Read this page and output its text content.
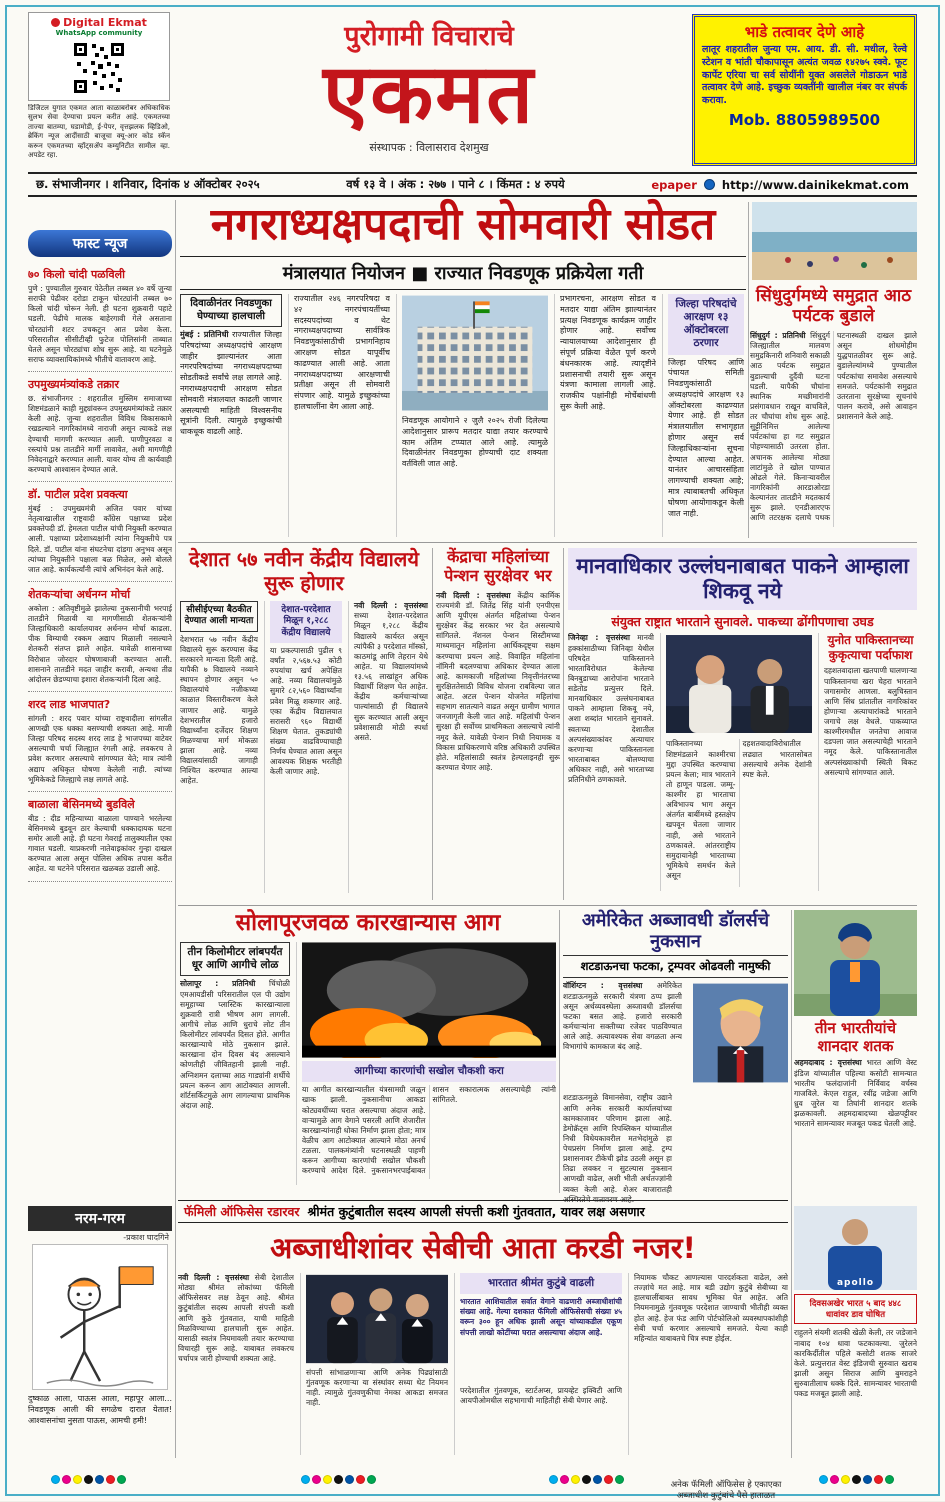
Digital Ekmat
WhatsApp community
डिजिटल युगात एकमत आता काळाबरोबर अधिकाधिक सुलभ सेवा देण्याचा प्रयत्न करीत आहे. एकमतच्या ताज्या बातम्या, घडामोडी, ई-पेपर, वृत्तझलक व्हिडिओ, ब्रेकिंग न्यूज आदींसाठी बाजूचा क्यू-आर कोड स्कॅन करून एकमतच्या व्हॉट्सॲप कम्युनिटीत सामील व्हा. अपडेट रहा.
पुरोगामी विचाराचे
एकमत
संस्थापक : विलासराव देशमुख
भाडे तत्वावर देणे आहे
लातूर शहरातील जुन्या एम. आय. डी. सी. मधील, रेल्वे स्टेशन व भांती चौकापासून अत्यंत जवळ १४२७५ स्क्वे. फूट कार्पेट एरिया चा सर्व सोयींनी युक्त असलेले गोडाऊन भाडे तत्वावर देणे आहे. इच्छुक व्यक्तींनी खालील नंबर वर संपर्क करावा.
Mob. 8805989500
छ. संभाजीनगर । शनिवार, दिनांक ४ ऑक्टोबर २०२५	वर्ष १३ वे । अंक : २७७ । पाने ८ । किंमत : ४ रुपये	epaper http://www.dainikekmat.com
नगराध्यक्षपदाची सोमवारी सोडत
मंत्रालयात नियोजन ■ राज्यात निवडणूक प्रक्रियेला गती
दिवाळीनंतर निवडणुका घेण्याच्या हालचाली
मुंबई : प्रतिनिधी राज्यातील जिल्हा परिषदांच्या अध्यक्षपदांचे आरक्षण जाहीर झाल्यानंतर आता नगरपरिषदांच्या नगराध्यक्षपदाच्या सोडतीकडे सर्वांचे लक्ष लागले आहे. नगराध्यक्षपदाची आरक्षण सोडत सोमवारी मंत्रालयात काढली जाणार असल्याची माहिती विश्वसनीय सूत्रांनी दिली. त्यामुळे इच्छुकांची धाकधूक वाढली आहे.
राज्यातील २४६ नगरपरिषदा व ४२ नगरपंचायतींच्या सदस्यपदांच्या व थेट नगराध्यक्षपदाच्या सार्वत्रिक निवडणुकांसाठीची प्रभागनिहाय आरक्षण सोडत यापूर्वीच काढण्यात आली आहे. आता नगराध्यक्षपदाच्या आरक्षणाची प्रतीक्षा असून ती सोमवारी संपणार आहे. यामुळे इच्छुकांच्या हालचालींना वेग आला आहे.
निवडणूक आयोगाने २ जुलै २०२५ रोजी दिलेल्या आदेशानुसार प्रारूप मतदार याद्या तयार करण्याचे काम अंतिम टप्प्यात आले आहे. त्यामुळे दिवाळीनंतर निवडणुका होण्याची दाट शक्यता वर्तविली जात आहे.
प्रभागरचना, आरक्षण सोडत व मतदार याद्या अंतिम झाल्यानंतर प्रत्यक्ष निवडणूक कार्यक्रम जाहीर होणार आहे. सर्वोच्च न्यायालयाच्या आदेशानुसार ही संपूर्ण प्रक्रिया वेळेत पूर्ण करणे बंधनकारक आहे. त्यादृष्टीने प्रशासनाची तयारी सुरू असून यंत्रणा कामाला लागली आहे. राजकीय पक्षांनीही मोर्चेबांधणी सुरू केली आहे.
जिल्हा परिषदांचे आरक्षण १३ ऑक्टोबरला ठरणार
जिल्हा परिषद आणि पंचायत समिती निवडणुकांसाठी अध्यक्षपदांचे आरक्षण १३ ऑक्टोबरला काढण्यात येणार आहे. ही सोडत मंत्रालयातील सभागृहात होणार असून सर्व जिल्हाधिकाऱ्यांना सूचना देण्यात आल्या आहेत. यानंतर आचारसंहिता लागण्याची शक्यता आहे; मात्र त्याबाबतची अधिकृत घोषणा आयोगाकडून केली जात नाही.
सिंधुदुर्गमध्ये समुद्रात आठ पर्यटक बुडाले
सिंधुदुर्ग : प्रतिनिधी सिंधुदुर्ग जिल्ह्यातील मालवण समुद्रकिनारी शनिवारी सकाळी आठ पर्यटक समुद्रात बुडाल्याची दुर्दैवी घटना घडली. यापैकी चौघांना स्थानिक मच्छीमारांनी प्रसंगावधान राखून वाचविले, तर चौघांचा शोध सुरू आहे. सुट्टीनिमित्त आलेल्या पर्यटकांचा हा गट समुद्रात पोहण्यासाठी उतरला होता. अचानक आलेल्या मोठ्या लाटांमुळे ते खोल पाण्यात ओढले गेले. किनाऱ्यावरील नागरिकांनी आरडाओरडा केल्यानंतर तातडीने मदतकार्य सुरू झाले. एनडीआरएफ आणि तटरक्षक दलाचे पथक घटनास्थळी दाखल झाले असून शोधमोहीम युद्धपातळीवर सुरू आहे. बुडालेल्यांमध्ये पुण्यातील पर्यटकांचा समावेश असल्याचे समजते. पर्यटकांनी समुद्रात उतरताना सुरक्षेच्या सूचनांचे पालन करावे, असे आवाहन प्रशासनाने केले आहे.
फास्ट न्यूज
७० किलो चांदी पळविली
पुणे : पुण्यातील गुरुवार पेठेतील तब्बल ४० वर्षे जुन्या सराफी पेढीवर दरोडा टाकून चोरट्यांनी तब्बल ७० किलो चांदी चोरून नेली. ही घटना शुक्रवारी पहाटे घडली. पेढीचे मालक बाहेरगावी गेले असताना चोरट्यांनी शटर उचकटून आत प्रवेश केला. परिसरातील सीसीटीव्ही फुटेज पोलिसांनी ताब्यात घेतले असून चोरट्यांचा शोध सुरू आहे. या घटनेमुळे सराफ व्यावसायिकांमध्ये भीतीचे वातावरण आहे.
उपमुख्यमंत्र्यांकडे तक्रार
छ. संभाजीनगर : शहरातील मुस्लिम समाजाच्या शिष्टमंडळाने काही मुद्द्यांवरून उपमुख्यमंत्र्यांकडे तक्रार केली आहे. जुन्या शहरातील विविध विकासकामे रखडल्याने नागरिकांमध्ये नाराजी असून त्याकडे लक्ष देण्याची मागणी करण्यात आली. पाणीपुरवठा व रस्त्यांचे प्रश्न तातडीने मार्गी लावावेत, अशी मागणीही निवेदनाद्वारे करण्यात आली. यावर योग्य ती कार्यवाही करण्याचे आश्वासन देण्यात आले.
डॉ. पाटील प्रदेश प्रवक्त्या
मुंबई : उपमुख्यमंत्री अजित पवार यांच्या नेतृत्वाखालील राष्ट्रवादी काँग्रेस पक्षाच्या प्रदेश प्रवक्तेपदी डॉ. हेमलता पाटील यांची नियुक्ती करण्यात आली. पक्षाच्या प्रदेशाध्यक्षांनी त्यांना नियुक्तीचे पत्र दिले. डॉ. पाटील यांना संघटनेचा दांडगा अनुभव असून त्यांच्या नियुक्तीने पक्षाला बळ मिळेल, असे बोलले जात आहे. कार्यकर्त्यांनी त्यांचे अभिनंदन केले आहे.
शेतकऱ्यांचा अर्धनग्न मोर्चा
अकोला : अतिवृष्टीमुळे झालेल्या नुकसानीची भरपाई तातडीने मिळावी या मागणीसाठी शेतकऱ्यांनी जिल्हाधिकारी कार्यालयावर अर्धनग्न मोर्चा काढला. पीक विम्याची रक्कम अद्याप मिळाली नसल्याने शेतकरी संतप्त झाले आहेत. यावेळी शासनाच्या विरोधात जोरदार घोषणाबाजी करण्यात आली. शासनाने तातडीने मदत जाहीर करावी, अन्यथा तीव्र आंदोलन छेडण्याचा इशारा शेतकऱ्यांनी दिला आहे.
शरद लाड भाजपात?
सांगली : शरद पवार यांच्या राष्ट्रवादीला सांगलीत आणखी एक धक्का बसण्याची शक्यता आहे. माजी जिल्हा परिषद सदस्य शरद लाड हे भाजपच्या वाटेवर असल्याची चर्चा जिल्ह्यात रंगली आहे. लवकरच ते प्रवेश करणार असल्याचे सांगण्यात येते; मात्र त्यांनी अद्याप अधिकृत घोषणा केलेली नाही. त्यांच्या भूमिकेकडे जिल्ह्याचे लक्ष लागले आहे.
बाळाला बेसिनमध्ये बुडविले
बीड : दीड महिन्याच्या बाळाला पाण्याने भरलेल्या बेसिनमध्ये बुडवून ठार केल्याची धक्कादायक घटना समोर आली आहे. ही घटना गेवराई तालुक्यातील एका गावात घडली. याप्रकरणी नातेवाइकांवर गुन्हा दाखल करण्यात आला असून पोलिस अधिक तपास करीत आहेत. या घटनेने परिसरात खळबळ उडाली आहे.
देशात ५७ नवीन केंद्रीय विद्यालये सुरू होणार
सीसीईएच्या बैठकीत देण्यात आली मान्यता
देशभरात ५७ नवीन केंद्रीय विद्यालये सुरू करण्यास केंद्र सरकारने मान्यता दिली आहे. यापैकी ७ विद्यालये नव्याने स्थापन होणार असून ५० विद्यालयांचे नजीकच्या काळात विस्तारीकरण केले जाणार आहे. यामुळे देशभरातील हजारो विद्यार्थ्यांना दर्जेदार शिक्षण मिळण्याचा मार्ग मोकळा झाला आहे. नव्या विद्यालयांसाठी जागाही निश्चित करण्यात आल्या आहेत.
देशात-परदेशात मिळून १,२८८ केंद्रीय विद्यालये
या प्रकल्पासाठी पुढील ९ वर्षांत २,५६७.५३ कोटी रुपयांचा खर्च अपेक्षित आहे. नव्या विद्यालयांमुळे सुमारे ८२,५६० विद्यार्थ्यांना प्रवेश मिळू शकणार आहे. एका केंद्रीय विद्यालयात सरासरी ९६० विद्यार्थी शिक्षण घेतात. तुकड्यांची संख्या वाढविण्याचाही निर्णय घेण्यात आला असून आवश्यक शिक्षक भरतीही केली जाणार आहे.
नवी दिल्ली : वृत्तसंस्था सध्या देशात-परदेशात मिळून १,२८८ केंद्रीय विद्यालये कार्यरत असून त्यांपैकी ३ परदेशात मॉस्को, काठमांडू आणि तेहरान येथे आहेत. या विद्यालयांमध्ये १३.५६ लाखांहून अधिक विद्यार्थी शिक्षण घेत आहेत. केंद्रीय कर्मचाऱ्यांच्या पाल्यांसाठी ही विद्यालये सुरू करण्यात आली असून प्रवेशासाठी मोठी स्पर्धा असते.
केंद्राचा महिलांच्या पेन्शन सुरक्षेवर भर
नवी दिल्ली : वृत्तसंस्था केंद्रीय कार्मिक राज्यमंत्री डॉ. जितेंद्र सिंह यांनी एनपीएस आणि यूपीएस अंतर्गत महिलांच्या पेन्शन सुरक्षेवर केंद्र सरकार भर देत असल्याचे सांगितले. नॅशनल पेन्शन सिस्टीमच्या माध्यमातून महिलांना आर्थिकदृष्ट्या सक्षम करण्याचा प्रयत्न आहे. विवाहित महिलांना नॉमिनी बदलण्याचा अधिकार देण्यात आला आहे. कामकाजी महिलांच्या निवृत्तीनंतरच्या सुरक्षिततेसाठी विविध योजना राबविल्या जात आहेत. अटल पेन्शन योजनेत महिलांचा सहभाग सातत्याने वाढत असून ग्रामीण भागात जनजागृती केली जात आहे. महिलांची पेन्शन सुरक्षा ही सर्वोच्च प्राथमिकता असल्याचे त्यांनी नमूद केले. यावेळी पेन्शन निधी नियामक व विकास प्राधिकरणाचे वरिष्ठ अधिकारी उपस्थित होते. महिलांसाठी स्वतंत्र हेल्पलाइनही सुरू करण्यात येणार आहे.
मानवाधिकार उल्लंघनाबाबत पाकने आम्हाला शिकवू नये
संयुक्त राष्ट्रात भारताने सुनावले. पाकच्या ढोंगीपणाचा उघड
जिनेव्हा : वृत्तसंस्था मानवी हक्कांसाठीच्या जिनिव्हा येथील परिषदेत पाकिस्तानने भारताविरोधात केलेल्या बिनबुडाच्या आरोपांना भारताने सडेतोड प्रत्युत्तर दिले. मानवाधिकार उल्लंघनाबाबत पाकने आम्हाला शिकवू नये, अशा शब्दांत भारताने सुनावले. स्वतःच्या देशातील अल्पसंख्याकांवर अत्याचार करणाऱ्या पाकिस्तानला भारताबाबत बोलण्याचा अधिकार नाही, असे भारताच्या प्रतिनिधीने ठणकावले.
पाकिस्तानच्या शिष्टमंडळाने काश्मीरचा मुद्दा उपस्थित करण्याचा प्रयत्न केला; मात्र भारताने तो हाणून पाडला. जम्मू-काश्मीर हा भारताचा अविभाज्य भाग असून अंतर्गत बाबींमध्ये हस्तक्षेप खपवून घेतला जाणार नाही, असे भारताने ठणकावले. आंतरराष्ट्रीय समुदायानेही भारताच्या भूमिकेचे समर्थन केले असून दहशतवादाविरोधातील लढ्यात भारतासोबत असल्याचे अनेक देशांनी स्पष्ट केले.
युनोत पाकिस्तानच्या कुकृत्याचा पर्दाफाश
दहशतवादाला खतपाणी घालणाऱ्या पाकिस्तानचा खरा चेहरा भारताने जगासमोर आणला. बलुचिस्तान आणि सिंध प्रांतातील नागरिकांवर होणाऱ्या अत्याचारांकडे भारताने जगाचे लक्ष वेधले. पाकव्याप्त काश्मीरमधील जनतेचा आवाज दडपला जात असल्याचेही भारताने नमूद केले. पाकिस्तानातील अल्पसंख्याकांची स्थिती बिकट असल्याचे सांगण्यात आले.
सोलापूरजवळ कारखान्यास आग
तीन किलोमीटर लांबपर्यंत धूर आणि आगीचे लोळ
सोलापूर : प्रतिनिधी चिंचोळी एमआयडीसी परिसरातील एल पी उद्योग समूहाच्या प्लास्टिक कारखान्याला शुक्रवारी रात्री भीषण आग लागली. आगीचे लोळ आणि धुराचे लोट तीन किलोमीटर लांबपर्यंत दिसत होते. आगीत कारखान्याचे मोठे नुकसान झाले. कारखाना दोन दिवस बंद असल्याने कोणतीही जीवितहानी झाली नाही. अग्निशमन दलाच्या आठ गाड्यांनी शर्थीचे प्रयत्न करून आग आटोक्यात आणली. शॉर्टसर्किटमुळे आग लागल्याचा प्राथमिक अंदाज आहे.
आगीच्या कारणांची सखोल चौकशी करा
या आगीत कारखान्यातील यंत्रसामग्री जळून खाक झाली. नुकसानीचा आकडा कोट्यवधींच्या घरात असल्याचा अंदाज आहे. वाऱ्यामुळे आग वेगाने पसरली आणि शेजारील कारखान्यांनाही धोका निर्माण झाला होता; मात्र वेळीच आग आटोक्यात आल्याने मोठा अनर्थ टळला. पालकमंत्र्यांनी घटनास्थळी पाहणी करून आगीच्या कारणांची सखोल चौकशी करण्याचे आदेश दिले. नुकसानभरपाईबाबत शासन सकारात्मक असल्याचेही त्यांनी सांगितले.
अमेरिकेत अब्जावधी डॉलर्सचे नुकसान
शटडाऊनचा फटका, ट्रम्पवर ओढवली नामुष्की
वॉशिंग्टन : वृत्तसंस्था अमेरिकेत शटडाऊनमुळे सरकारी यंत्रणा ठप्प झाली असून अर्थव्यवस्थेला अब्जावधी डॉलर्सचा फटका बसत आहे. हजारो सरकारी कर्मचाऱ्यांना सक्तीच्या रजेवर पाठविण्यात आले आहे. अत्यावश्यक सेवा वगळता अन्य विभागांचे कामकाज बंद आहे.
शटडाऊनमुळे विमानसेवा, राष्ट्रीय उद्याने आणि अनेक सरकारी कार्यालयांच्या कामकाजावर परिणाम झाला आहे. डेमोक्रॅट्स आणि रिपब्लिकन यांच्यातील निधी विधेयकावरील मतभेदांमुळे हा पेचप्रसंग निर्माण झाला आहे. ट्रम्प प्रशासनावर टीकेची झोड उठली असून हा तिढा लवकर न सुटल्यास नुकसान आणखी वाढेल, अशी भीती अर्थतज्ज्ञांनी व्यक्त केली आहे. शेअर बाजारातही अस्थिरतेचे वातावरण आहे.
तीन भारतीयांचे शानदार शतक
अहमदाबाद : वृत्तसंस्था भारत आणि वेस्ट इंडिज यांच्यातील पहिल्या कसोटी सामन्यात भारतीय फलंदाजांनी निर्विवाद वर्चस्व गाजविले. केएल राहुल, रवींद्र जडेजा आणि ध्रुव जुरेल या तिघांनी शानदार शतके झळकावली. अहमदाबादच्या खेळपट्टीवर भारताने सामन्यावर मजबूत पकड घेतली आहे.
apollo
दिवसअखेर भारत ५ बाद ४४८ धावांवर डाव घोषित
राहुलने संयमी शतकी खेळी केली, तर जडेजाने नाबाद १०४ धावा फटकावल्या. जुरेलने कारकिर्दीतील पहिले कसोटी शतक साजरे केले. प्रत्युत्तरात वेस्ट इंडिजची सुरुवात खराब झाली असून सिराज आणि बुमराहने सुरुवातीलाच धक्के दिले. सामन्यावर भारताची पकड मजबूत झाली आहे.
फॅमिली ऑफिसेस रडारवर श्रीमंत कुटुंबातील सदस्य आपली संपत्ती कशी गुंतवतात, यावर लक्ष असणार
अब्जाधीशांवर सेबीची आता करडी नजर!
नवी दिल्ली : वृत्तसंस्था सेबी देशातील मोठ्या श्रीमंत लोकांच्या फॅमिली ऑफिसेसवर लक्ष ठेवून आहे. श्रीमंत कुटुंबांतील सदस्य आपली संपत्ती कशी आणि कुठे गुंतवतात, याची माहिती मिळविण्याच्या हालचाली सुरू आहेत. यासाठी स्वतंत्र नियमावली तयार करण्याचा विचारही सुरू आहे. याबाबत लवकरच चर्चापत्र जारी होण्याची शक्यता आहे.
संपत्ती सांभाळणाऱ्या आणि अनेक पिढ्यांसाठी गुंतवणूक करणाऱ्या या संस्थांवर सध्या थेट नियमन नाही. त्यामुळे गुंतवणुकीचा नेमका आकडा समजत नाही.
भारतात श्रीमंत कुटुंबे वाढली
भारतात आशियातील सर्वात वेगाने वाढणारी अब्जाधीशांची संख्या आहे. गेल्या दशकात फॅमिली ऑफिसेसची संख्या ४५ वरून ३०० हून अधिक झाली असून यांच्याकडील एकूण संपत्ती लाखो कोटींच्या घरात असल्याचा अंदाज आहे.
परदेशातील गुंतवणूक, स्टार्टअप्स, प्रायव्हेट इक्विटी आणि आयपीओमधील सहभागाची माहितीही सेबी घेणार आहे.
नियामक चौकट आणल्यास पारदर्शकता वाढेल, असे तज्ज्ञांचे मत आहे. मात्र बडी उद्योग कुटुंबे सेबीच्या या हालचालींबाबत सावध भूमिका घेत आहेत. अति नियमनामुळे गुंतवणूक परदेशात जाण्याची भीतीही व्यक्त होत आहे. हेज फंड आणि पोर्टफोलिओ व्यवस्थापकांशीही सेबी चर्चा करणार असल्याचे समजते. येत्या काही महिन्यांत याबाबतचे चित्र स्पष्ट होईल.
नरम-गरम
-प्रकाश घादगिने
दुष्काळ आला, पाऊस आला, महापूर आला... निवडणूक आली की सगळेच दारात येतात! आश्वासनांचा नुसता पाऊस, आमची हमी!
अनेक फॅमिली ऑफिसेस हे एकाएका
अब्जाधीश कुटुंबांचे पैसे हाताळत
